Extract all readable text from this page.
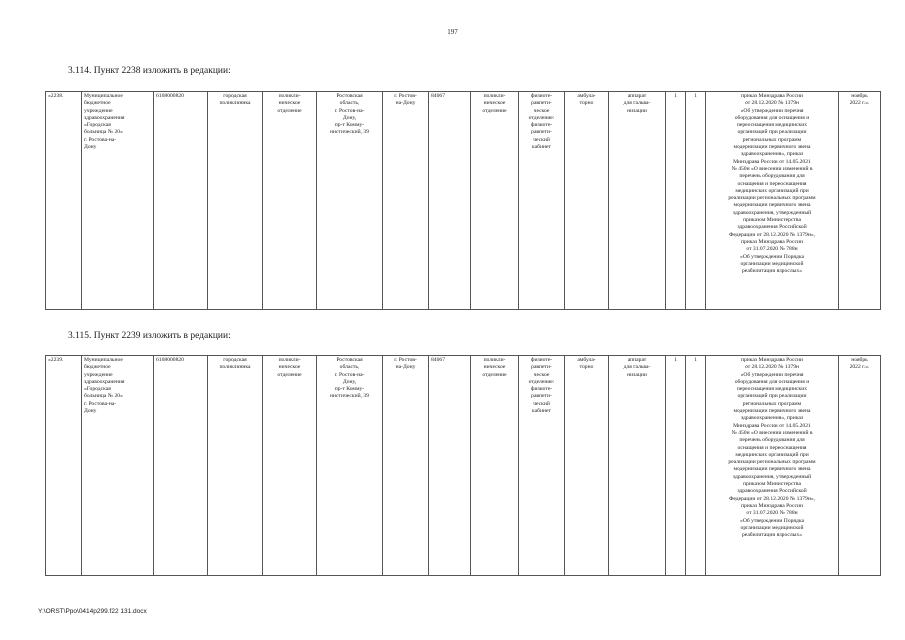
197
3.114. Пункт 2238 изложить в редакции:
«2238.	Муниципальное
бюджетное
учреждение
здравоохранения
«Городская
больница № 20»
г. Ростова-на-
Дону	6168000820	городская
поликлиника	поликли-
ническое
отделение	Ростовская
область,
г. Ростов-на-
Дону,
пр-т Комму-
нистический, 39	г. Ростов-
на-Дону	84067	поликли-
ническое
отделение	физиоте-
равпети-
ческое
отделение:
физиоте-
равпети-
ческий
кабинет	амбула-
торно	аппарат
для гальва-
низации	1	1	приказ Минздрава России
от 28.12.2020 № 1379н
«Об утверждении перечня
оборудования для оснащения и
переоснащения медицинских
организаций при реализации
региональных программ
модернизации первичного звена
здравоохранения», приказ
Минздрава России от 14.05.2021
№ 450н «О внесении изменений в
перечень оборудования для
оснащения и переоснащения
медицинских организаций при
реализации региональных программ
модернизации первичного звена
здравоохранения, утвержденный
приказом Министерства
здравоохранения Российской
Федерации от 28.12.2020 № 1379н»,
приказ Минздрава России
от 31.07.2020 № 788н
«Об утверждении Порядка
организации медицинской
реабилитации взрослых»	ноябрь
2022 г.».
3.115. Пункт 2239 изложить в редакции:
«2239.	Муниципальное
бюджетное
учреждение
здравоохранения
«Городская
больница № 20»
г. Ростова-на-
Дону	6168000820	городская
поликлиника	поликли-
ническое
отделение	Ростовская
область,
г. Ростов-на-
Дону,
пр-т Комму-
нистический, 39	г. Ростов-
на-Дону	84067	поликли-
ническое
отделение	физиоте-
равпети-
ческое
отделение:
физиоте-
равпети-
ческий
кабинет	амбула-
торно	аппарат
для гальва-
низации	1	1	приказ Минздрава России
от 28.12.2020 № 1379н
«Об утверждении перечня
оборудования для оснащения и
переоснащения медицинских
организаций при реализации
региональных программ
модернизации первичного звена
здравоохранения», приказ
Минздрава России от 14.05.2021
№ 450н «О внесении изменений в
перечень оборудования для
оснащения и переоснащения
медицинских организаций при
реализации региональных программ
модернизации первичного звена
здравоохранения, утвержденный
приказом Министерства
здравоохранения Российской
Федерации от 28.12.2020 № 1379н»,
приказ Минздрава России
от 31.07.2020 № 788н
«Об утверждении Порядка
организации медицинской
реабилитации взрослых»	ноябрь
2022 г.».
Y:\ORST\Ppo\0414p299.f22 131.docx
